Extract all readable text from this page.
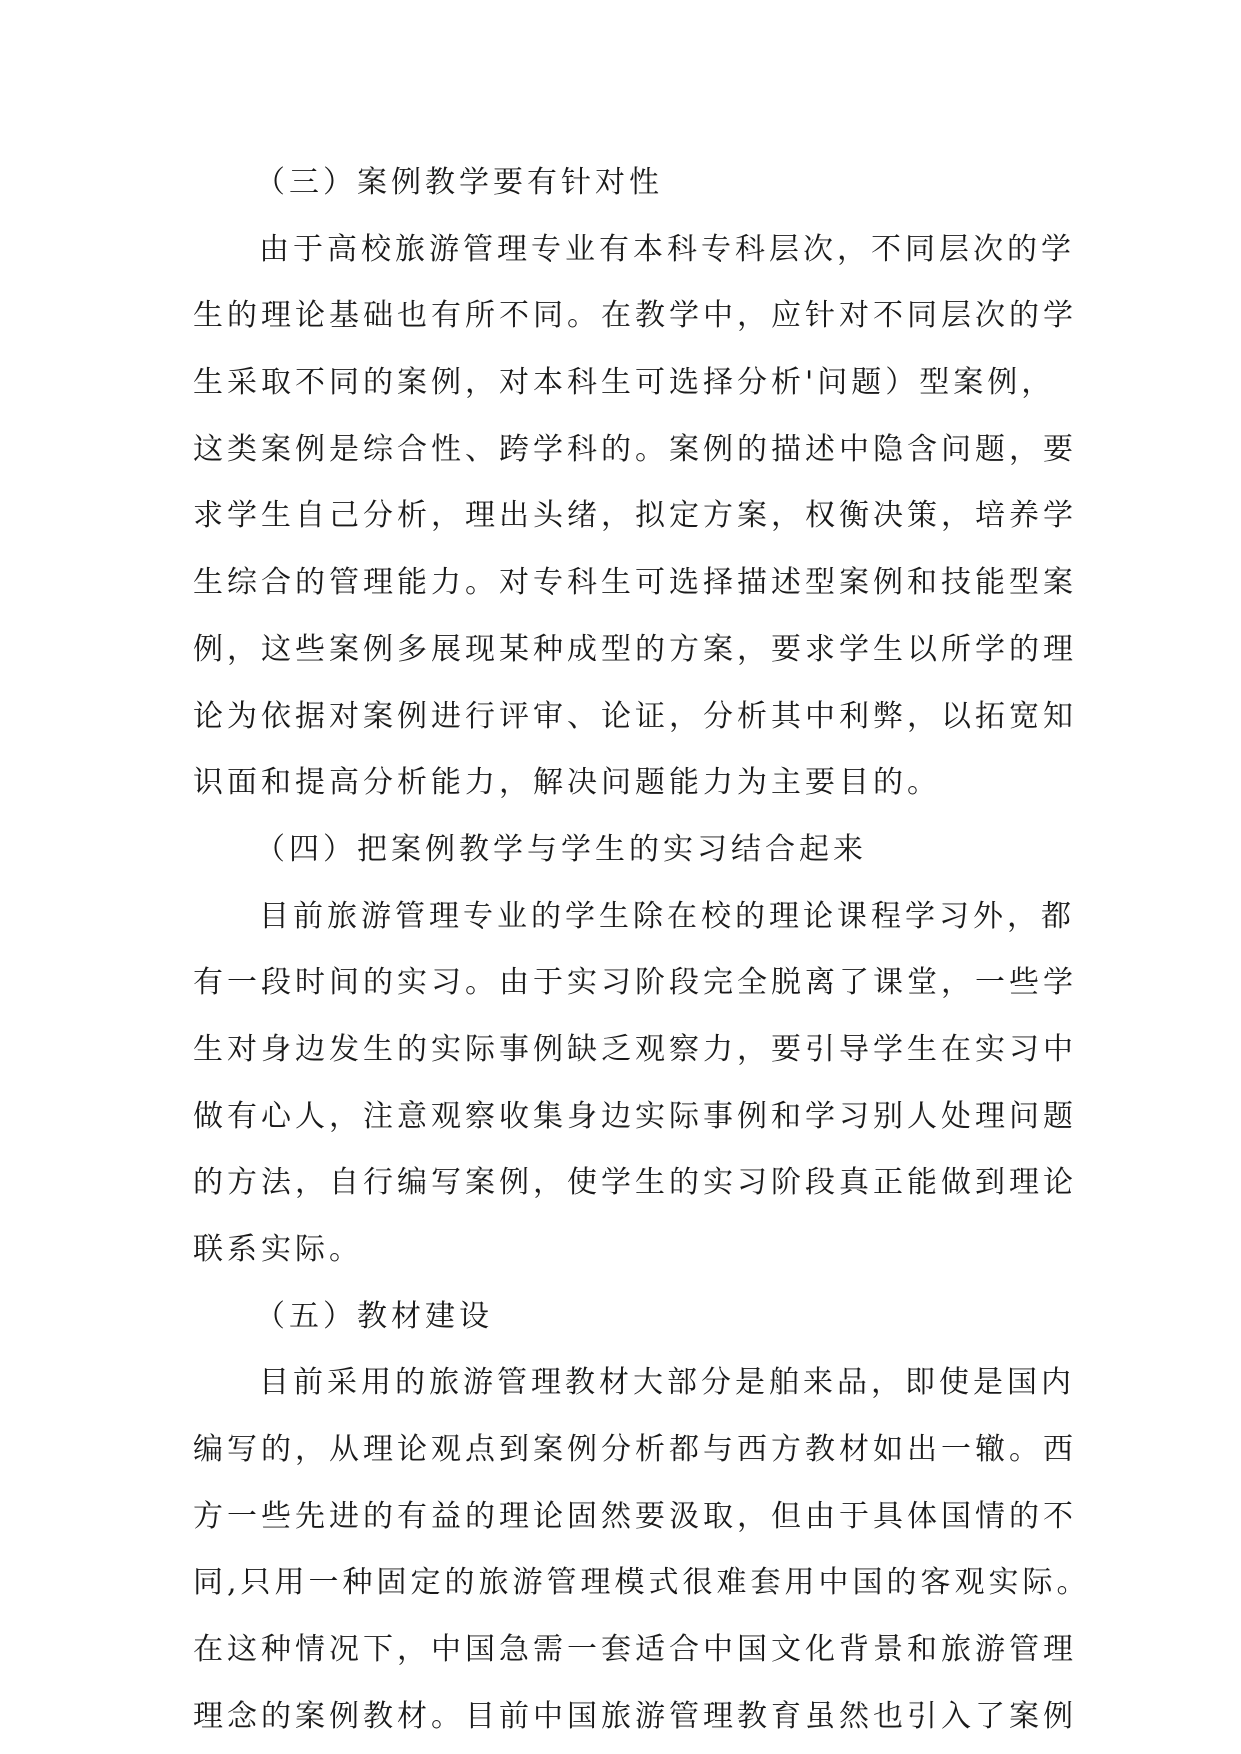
（三）案例教学要有针对性
由于高校旅游管理专业有本科专科层次，不同层次的学
生的理论基础也有所不同。在教学中，应针对不同层次的学
生采取不同的案例，对本科生可选择分析'问题）型案例，
这类案例是综合性、跨学科的。案例的描述中隐含问题，要
求学生自己分析，理出头绪，拟定方案，权衡决策，培养学
生综合的管理能力。对专科生可选择描述型案例和技能型案
例，这些案例多展现某种成型的方案，要求学生以所学的理
论为依据对案例进行评审、论证，分析其中利弊，以拓宽知
识面和提高分析能力，解决问题能力为主要目的。
（四）把案例教学与学生的实习结合起来
目前旅游管理专业的学生除在校的理论课程学习外，都
有一段时间的实习。由于实习阶段完全脱离了课堂，一些学
生对身边发生的实际事例缺乏观察力，要引导学生在实习中
做有心人，注意观察收集身边实际事例和学习别人处理问题
的方法，自行编写案例，使学生的实习阶段真正能做到理论
联系实际。
（五）教材建设
目前采用的旅游管理教材大部分是舶来品，即使是国内
编写的，从理论观点到案例分析都与西方教材如出一辙。西
方一些先进的有益的理论固然要汲取，但由于具体国情的不
同,只用一种固定的旅游管理模式很难套用中国的客观实际。
在这种情况下，中国急需一套适合中国文化背景和旅游管理
理念的案例教材。目前中国旅游管理教育虽然也引入了案例
